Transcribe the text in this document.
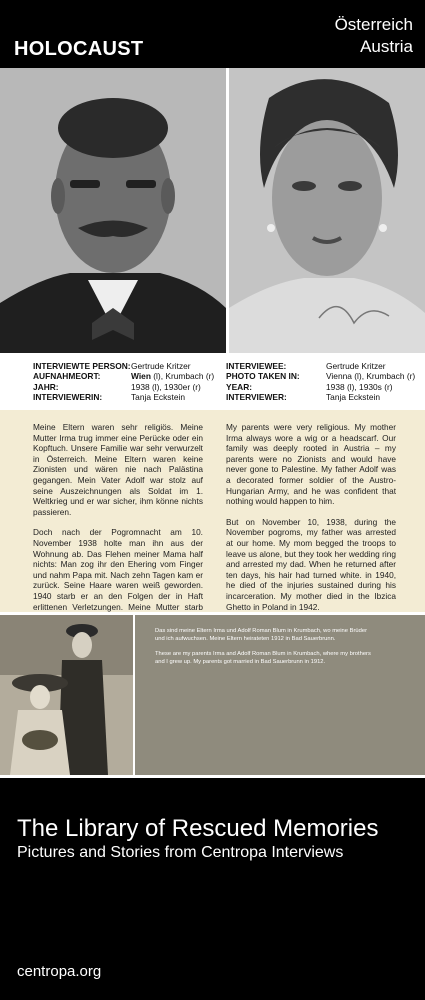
HOLOCAUST
Österreich
Austria
INTERVIEWTE PERSON:Gertrude Kritzer
AUFNAHMEORT:	Wien (l), Krumbach (r)
JAHR:	1938 (l), 1930er (r)
INTERVIEWERIN:	Tanja Eckstein
INTERVIEWEE:	Gertrude Kritzer
PHOTO TAKEN IN:	Vienna (l), Krumbach (r)
YEAR:	1938 (l), 1930s (r)
INTERVIEWER:	Tanja Eckstein

Meine Eltern waren sehr religiös. Meine Mutter Irma trug immer eine Perücke oder ein Kopftuch. Unsere Familie war sehr verwurzelt in Österreich. Meine Eltern waren keine Zionisten und wären nie nach Palästina gegangen. Mein Vater Adolf war stolz auf seine Auszeichnungen als Soldat im 1. Weltkrieg und er war sicher, ihm könne nichts passieren.

Doch nach der Pogromnacht am 10. November 1938 holte man ihn aus der Wohnung ab. Das Flehen meiner Mama half nichts: Man zog ihr den Ehering vom Finger und nahm Papa mit. Nach zehn Tagen kam er zurück. Seine Haare waren weiß geworden. 1940 starb er an den Folgen der in Haft erlittenen Verletzungen. Meine Mutter starb

My parents were very religious. My mother Irma always wore a wig or a headscarf. Our family was deeply rooted in Austria – my parents were no Zionists and would have never gone to Palestine. My father Adolf was a decorated former soldier of the Austro-Hungarian Army, and he was confident that nothing would happen to him.

But on November 10, 1938, during the November pogroms, my father was arrested at our home. My mom begged the troops to leave us alone, but they took her wedding ring and arrested my dad. When he returned after ten days, his hair had turned white. in 1940, he died of the injuries sustained during his incarceration. My mother died in the Ibzica Ghetto in Poland in 1942.

Das sind meine Eltern Irma und Adolf Roman Blum in Krumbach, wo meine Brüder und ich aufwuchsen. Meine Eltern heirateten 1912 in Bad Sauerbrunn.

These are my parents Irma and Adolf Roman Blum in Krumbach, where my brothers and I grew up. My parents got married in Bad Sauerbrunn in 1912.

The Library of Rescued Memories
Pictures and Stories from Centropa Interviews
centropa.org
